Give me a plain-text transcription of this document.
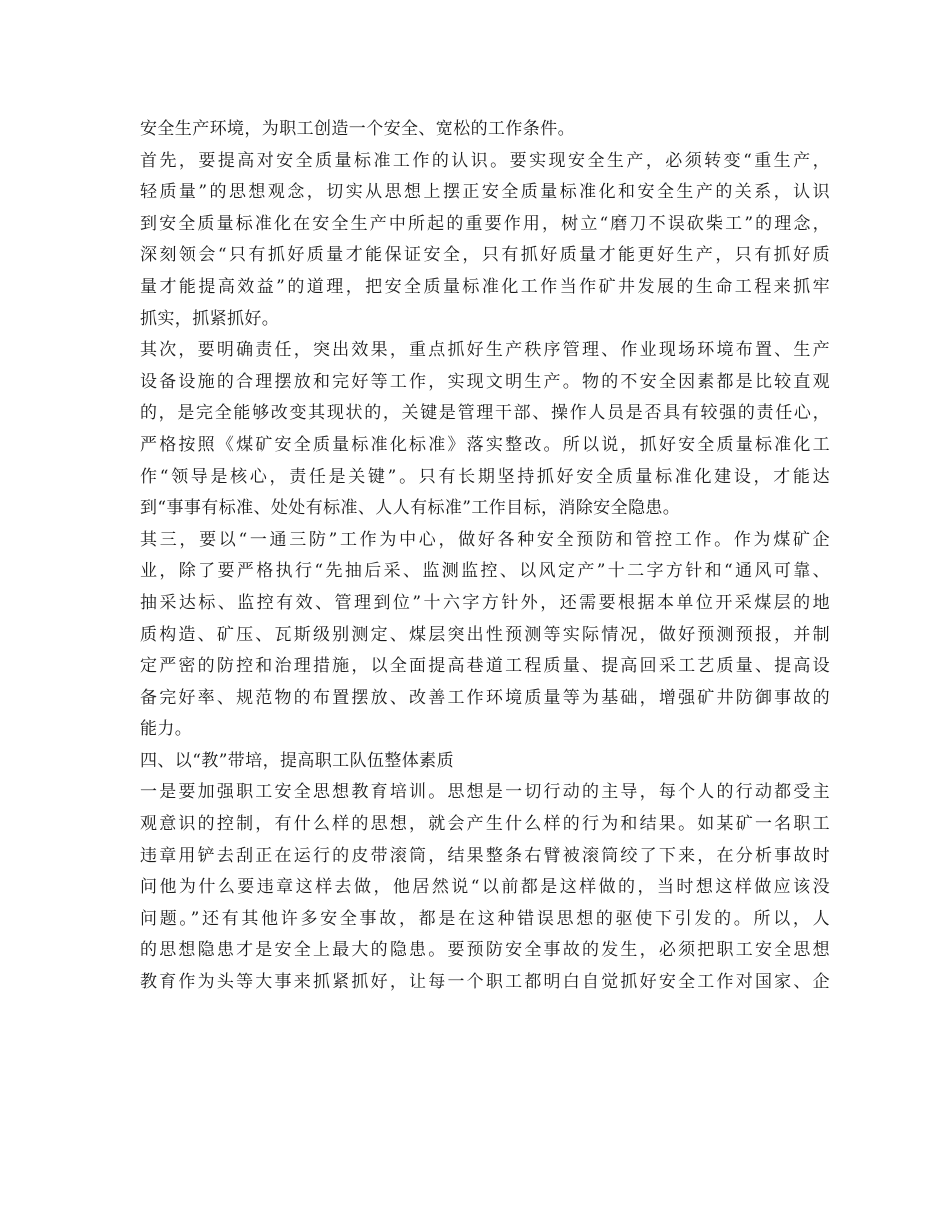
安全生产环境，为职工创造一个安全、宽松的工作条件。
首先，要提高对安全质量标准工作的认识。要实现安全生产，必须转变“重生产，
轻质量”的思想观念，切实从思想上摆正安全质量标准化和安全生产的关系，认识
到安全质量标准化在安全生产中所起的重要作用，树立“磨刀不误砍柴工”的理念，
深刻领会“只有抓好质量才能保证安全，只有抓好质量才能更好生产，只有抓好质
量才能提高效益”的道理，把安全质量标准化工作当作矿井发展的生命工程来抓牢
抓实，抓紧抓好。
其次，要明确责任，突出效果，重点抓好生产秩序管理、作业现场环境布置、生产
设备设施的合理摆放和完好等工作，实现文明生产。物的不安全因素都是比较直观
的，是完全能够改变其现状的，关键是管理干部、操作人员是否具有较强的责任心，
严格按照《煤矿安全质量标准化标准》落实整改。所以说，抓好安全质量标准化工
作“领导是核心，责任是关键”。只有长期坚持抓好安全质量标准化建设，才能达
到“事事有标准、处处有标准、人人有标准”工作目标，消除安全隐患。
其三，要以“一通三防”工作为中心，做好各种安全预防和管控工作。作为煤矿企
业，除了要严格执行“先抽后采、监测监控、以风定产”十二字方针和“通风可靠、
抽采达标、监控有效、管理到位”十六字方针外，还需要根据本单位开采煤层的地
质构造、矿压、瓦斯级别测定、煤层突出性预测等实际情况，做好预测预报，并制
定严密的防控和治理措施，以全面提高巷道工程质量、提高回采工艺质量、提高设
备完好率、规范物的布置摆放、改善工作环境质量等为基础，增强矿井防御事故的
能力。
四、以“教”带培，提高职工队伍整体素质
一是要加强职工安全思想教育培训。思想是一切行动的主导，每个人的行动都受主
观意识的控制，有什么样的思想，就会产生什么样的行为和结果。如某矿一名职工
违章用铲去刮正在运行的皮带滚筒，结果整条右臂被滚筒绞了下来，在分析事故时
问他为什么要违章这样去做，他居然说“以前都是这样做的，当时想这样做应该没
问题。”还有其他许多安全事故，都是在这种错误思想的驱使下引发的。所以，人
的思想隐患才是安全上最大的隐患。要预防安全事故的发生，必须把职工安全思想
教育作为头等大事来抓紧抓好，让每一个职工都明白自觉抓好安全工作对国家、企
